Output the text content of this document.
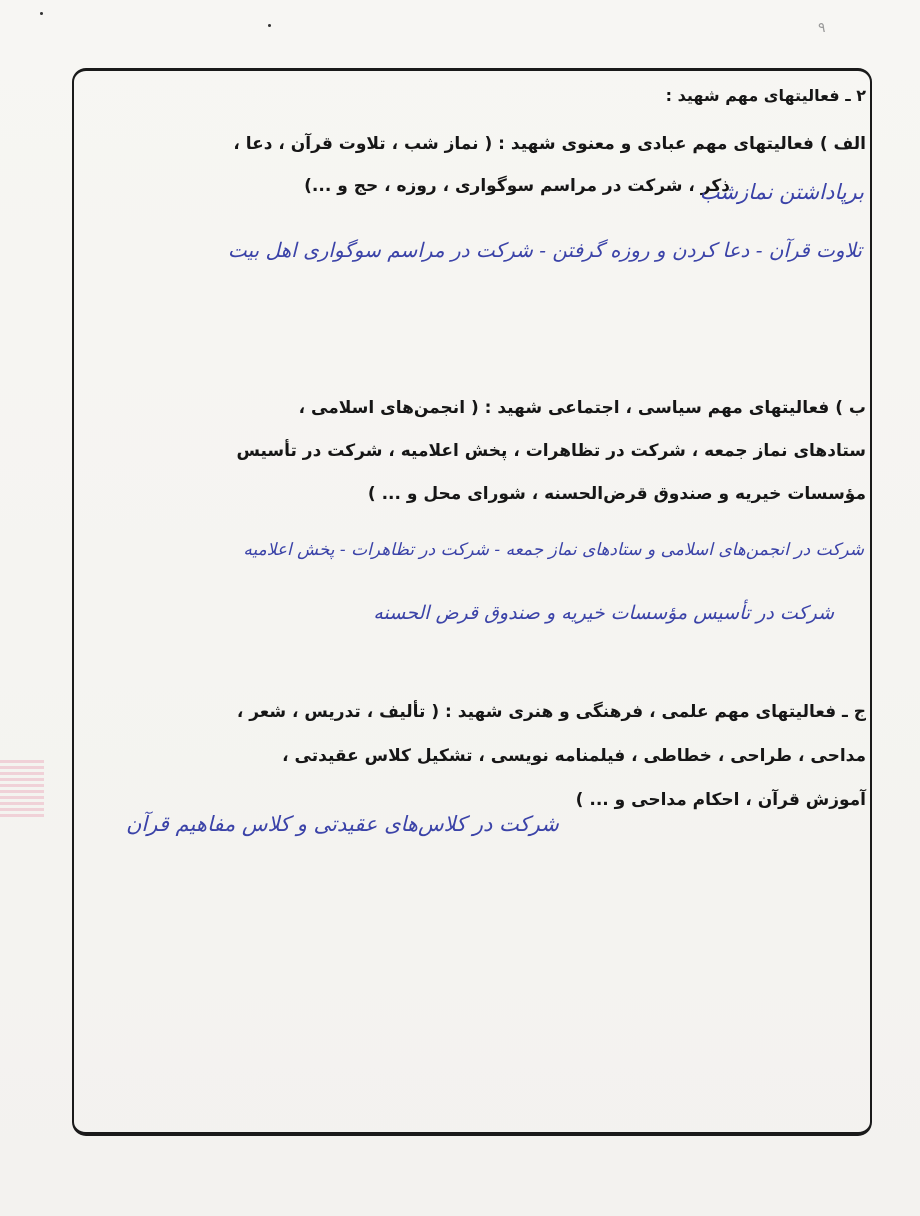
٩
۲ ـ فعالیتهای مهم شهید :
الف ) فعالیتهای مهم عبادی و معنوی شهید : ( نماز شب ، تلاوت قرآن ، دعا ،
ذکر ، شرکت در مراسم سوگواری ، روزه ، حج و ...)
برپاداشتن نمازشب
تلاوت قرآن - دعا کردن و روزه گرفتن - شرکت در مراسم سوگواری اهل بیت
ب ) فعالیتهای مهم سیاسی ، اجتماعی شهید : ( انجمن‌های اسلامی ،
ستادهای نماز جمعه ، شرکت در تظاهرات ، پخش اعلامیه ، شرکت در تأسیس
مؤسسات خیریه و صندوق قرض‌الحسنه ، شورای محل و ... )
شرکت در انجمن‌های اسلامی و ستادهای نماز جمعه - شرکت در تظاهرات - پخش اعلامیه
شرکت در تأسیس مؤسسات خیریه و صندوق قرض الحسنه
ج ـ فعالیتهای مهم علمی ، فرهنگی و هنری شهید : ( تألیف ، تدریس ، شعر ،
مداحی ، طراحی ، خطاطی ، فیلمنامه نویسی ، تشکیل کلاس عقیدتی ،
آموزش قرآن ، احکام مداحی و ... )
شرکت در کلاس‌های عقیدتی و کلاس مفاهیم قرآن
